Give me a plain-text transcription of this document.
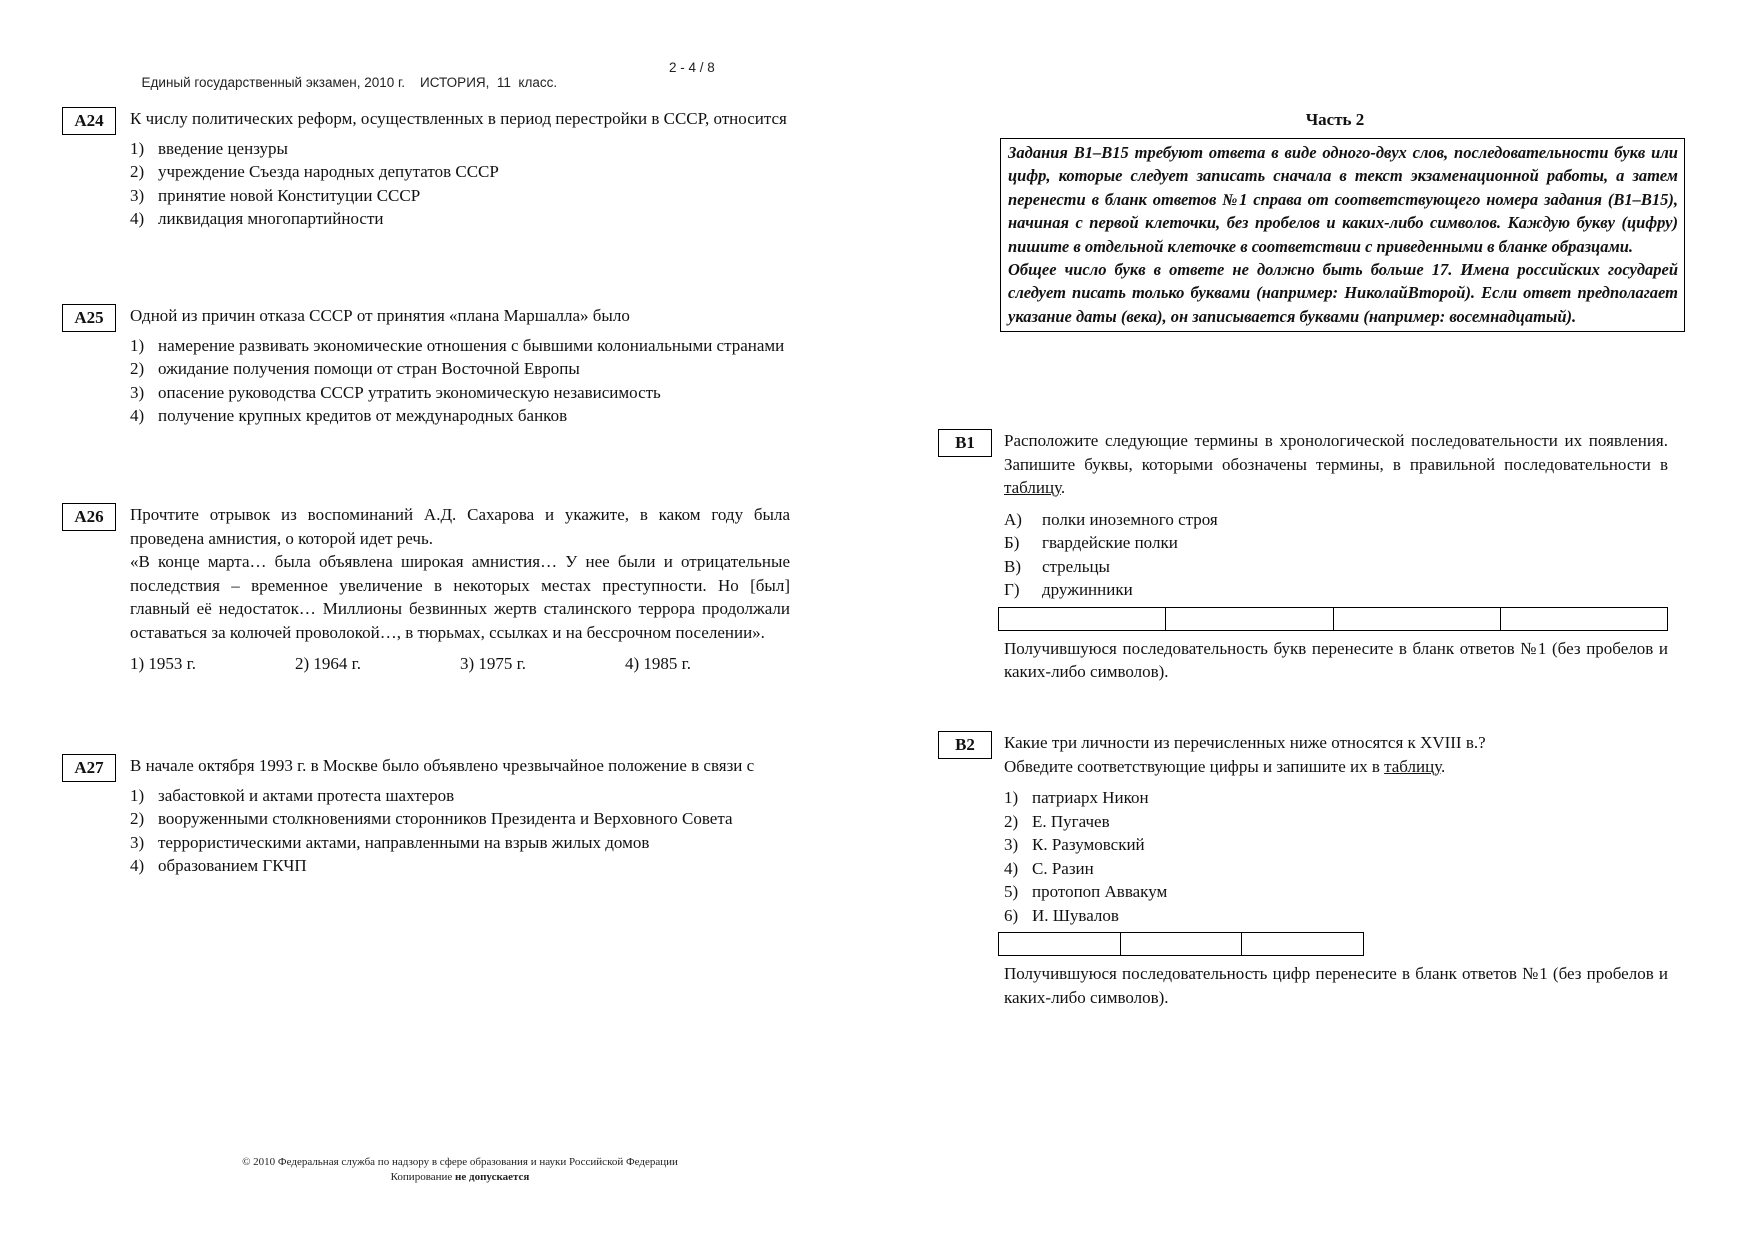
Единый государственный экзамен, 2010 г.    ИСТОРИЯ,  11  класс.

2 - 4 / 8

A24	К числу политических реформ, осуществленных в период перестройки в СССР, относится

1) введение цензуры
2) учреждение Съезда народных депутатов СССР
3) принятие новой Конституции СССР
4) ликвидация многопартийности
A25	Одной из причин отказа СССР от принятия «плана Маршалла» было

1) намерение развивать экономические отношения с бывшими колониальными странами
2) ожидание получения помощи от стран Восточной Европы
3) опасение руководства СССР утратить экономическую независимость
4) получение крупных кредитов от международных банков
A26	Прочтите отрывок из воспоминаний А.Д. Сахарова и укажите, в каком году была проведена амнистия, о которой идет речь.

«В конце марта… была объявлена широкая амнистия… У нее были и отрицательные последствия – временное увеличение в некоторых местах преступности. Но [был] главный её недостаток… Миллионы безвинных жертв сталинского террора продолжали оставаться за колючей проволокой…, в тюрьмах, ссылках и на бессрочном поселении».

1) 1953 г.	2) 1964 г.	3) 1975 г.	4) 1985 г.
A27	В начале октября 1993 г. в Москве было объявлено чрезвычайное положение в связи с

1) забастовкой и актами протеста шахтеров
2) вооруженными столкновениями сторонников Президента и Верховного Совета
3) террористическими актами, направленными на взрыв жилых домов
4) образованием ГКЧП
Часть 2

Задания В1–В15 требуют ответа в виде одного-двух слов, последовательности букв или цифр, которые следует записать сначала в текст экзаменационной работы, а затем перенести в бланк ответов №1 справа от соответствующего номера задания (В1–В15), начиная с первой клеточки, без пробелов и каких-либо символов. Каждую букву (цифру) пишите в отдельной клеточке в соответствии с приведенными в бланке образцами.

Общее число букв в ответе не должно быть больше 17. Имена российских государей следует писать только буквами (например: НиколайВторой). Если ответ предполагает указание даты (века), он записывается буквами (например: восемнадцатый).

В1	Расположите следующие термины в хронологической последовательности их появления. Запишите буквы, которыми обозначены термины, в правильной последовательности в таблицу.

А) полки иноземного строя
Б) гвардейские полки
В) стрельцы
Г) дружинники

Получившуюся последовательность букв перенесите в бланк ответов №1 (без пробелов и каких-либо символов).

В2	Какие три личности из перечисленных ниже относятся к XVIII в.?

Обведите соответствующие цифры и запишите их в таблицу.

1) патриарх Никон
2) Е. Пугачев
3) К. Разумовский
4) С. Разин
5) протопоп Аввакум
6) И. Шувалов

Получившуюся последовательность цифр перенесите в бланк ответов №1 (без пробелов и каких-либо символов).

© 2010 Федеральная служба по надзору в сфере образования и науки Российской Федерации
Копирование не допускается
